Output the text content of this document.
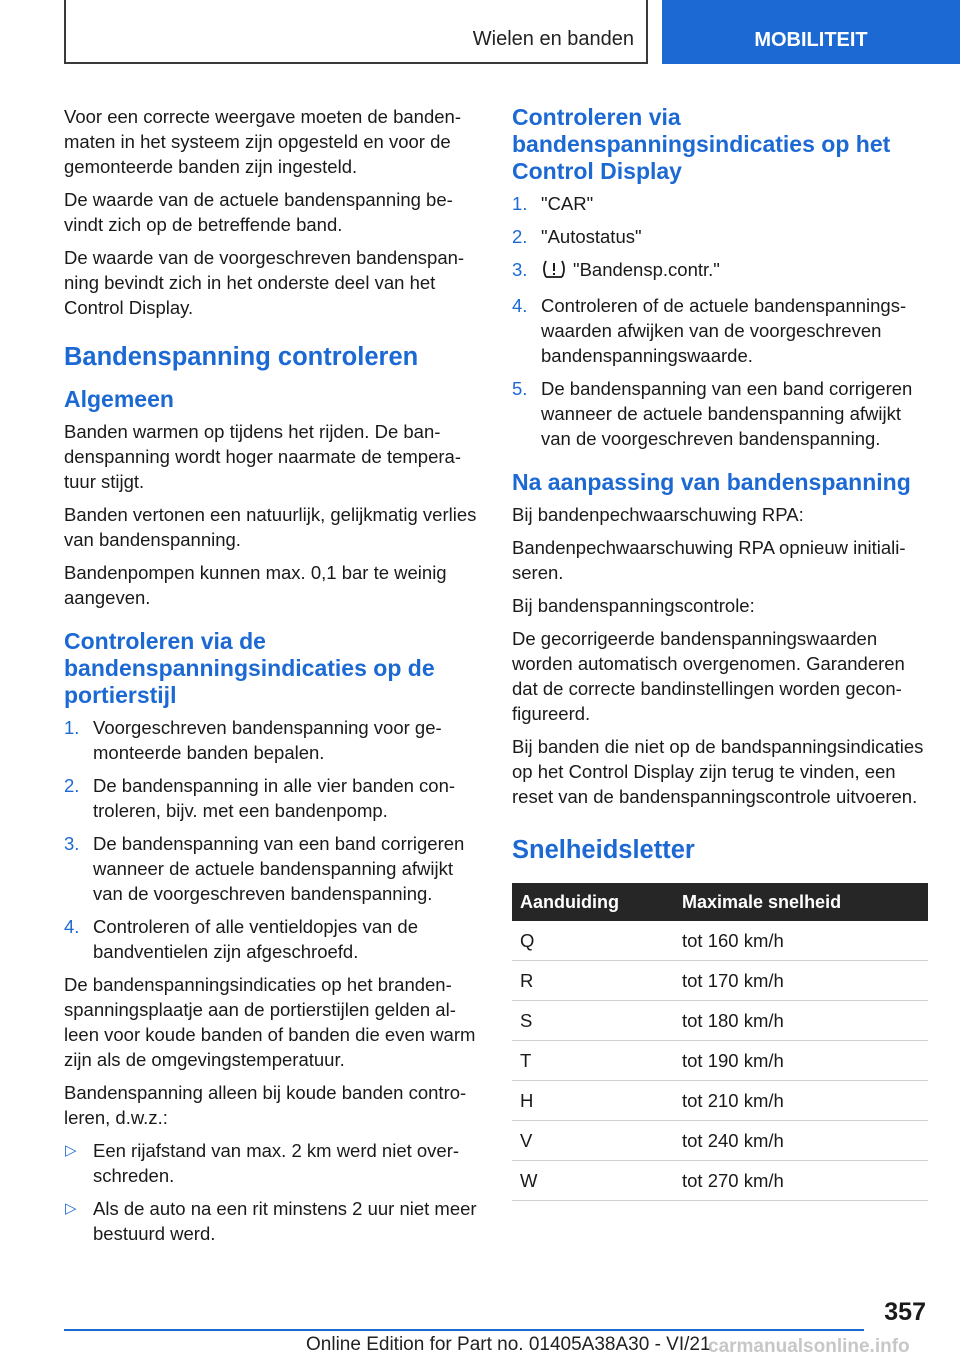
Wielen en banden	MOBILITEIT

Voor een correcte weergave moeten de bandenmaten in het systeem zijn opgesteld en voor de gemonteerde banden zijn ingesteld.

De waarde van de actuele bandenspanning bevindt zich op de betreffende band.

De waarde van de voorgeschreven bandenspanning bevindt zich in het onderste deel van het Control Display.

Bandenspanning controleren
Algemeen

Banden warmen op tijdens het rijden. De bandenspanning wordt hoger naarmate de temperatuur stijgt.

Banden vertonen een natuurlijk, gelijkmatig verlies van bandenspanning.

Bandenpompen kunnen max. 0,1 bar te weinig aangeven.

Controleren via de bandenspanningsindicaties op de portierstijl
1. Voorgeschreven bandenspanning voor gemonteerde banden bepalen.
2. De bandenspanning in alle vier banden controleren, bijv. met een bandenpomp.
3. De bandenspanning van een band corrigeren wanneer de actuele bandenspanning afwijkt van de voorgeschreven bandenspanning.
4. Controleren of alle ventieldopjes van de bandventielen zijn afgeschroefd.

De bandenspanningsindicaties op het brandenspanningsplaatje aan de portierstijlen gelden alleen voor koude banden of banden die even warm zijn als de omgevingstemperatuur.

Bandenspanning alleen bij koude banden controleren, d.w.z.:

▷ Een rijafstand van max. 2 km werd niet overschreden.
▷ Als de auto na een rit minstens 2 uur niet meer bestuurd werd.
Controleren via bandenspanningsindicaties op het Control Display
1. "CAR"
2. "Autostatus"
3. "Bandensp.contr."
4. Controleren of de actuele bandenspanningswaarden afwijken van de voorgeschreven bandenspanningswaarde.
5. De bandenspanning van een band corrigeren wanneer de actuele bandenspanning afwijkt van de voorgeschreven bandenspanning.
Na aanpassing van bandenspanning

Bij bandenpechwaarschuwing RPA:

Bandenpechwaarschuwing RPA opnieuw initialiseren.

Bij bandenspanningscontrole:

De gecorrigeerde bandenspanningswaarden worden automatisch overgenomen. Garanderen dat de correcte bandinstellingen worden geconfigureerd.

Bij banden die niet op de bandspanningsindicaties op het Control Display zijn terug te vinden, een reset van de bandenspanningscontrole uitvoeren.

Snelheidsletter
Aanduiding	Maximale snelheid
Q	tot 160 km/h
R	tot 170 km/h
S	tot 180 km/h
T	tot 190 km/h
H	tot 210 km/h
V	tot 240 km/h
W	tot 270 km/h
357
Online Edition for Part no. 01405A38A30 - VI/21
carmanualsonline.info
